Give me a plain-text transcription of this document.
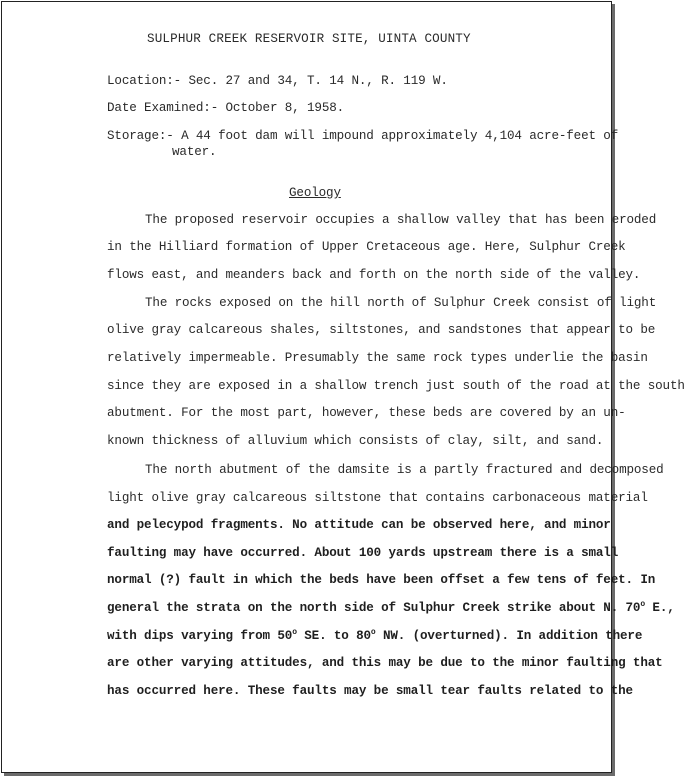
SULPHUR CREEK RESERVOIR SITE, UINTA COUNTY
Location:- Sec. 27 and 34, T. 14 N., R. 119 W.
Date Examined:- October 8, 1958.
Storage:- A 44 foot dam will impound approximately 4,104 acre-feet of
water.
Geology
The proposed reservoir occupies a shallow valley that has been eroded
in the Hilliard formation of Upper Cretaceous age. Here, Sulphur Creek
flows east, and meanders back and forth on the north side of the valley.
The rocks exposed on the hill north of Sulphur Creek consist of light
olive gray calcareous shales, siltstones, and sandstones that appear to be
relatively impermeable. Presumably the same rock types underlie the basin
since they are exposed in a shallow trench just south of the road at the south
abutment. For the most part, however, these beds are covered by an un-
known thickness of alluvium which consists of clay, silt, and sand.
The north abutment of the damsite is a partly fractured and decomposed
light olive gray calcareous siltstone that contains carbonaceous material
and pelecypod fragments. No attitude can be observed here, and minor
faulting may have occurred. About 100 yards upstream there is a small
normal (?) fault in which the beds have been offset a few tens of feet. In
general the strata on the north side of Sulphur Creek strike about N. 70$^o$ E.,
with dips varying from 50$^o$ SE. to 80$^o$ NW. (overturned). In addition there
are other varying attitudes, and this may be due to the minor faulting that
has occurred here. These faults may be small tear faults related to the
